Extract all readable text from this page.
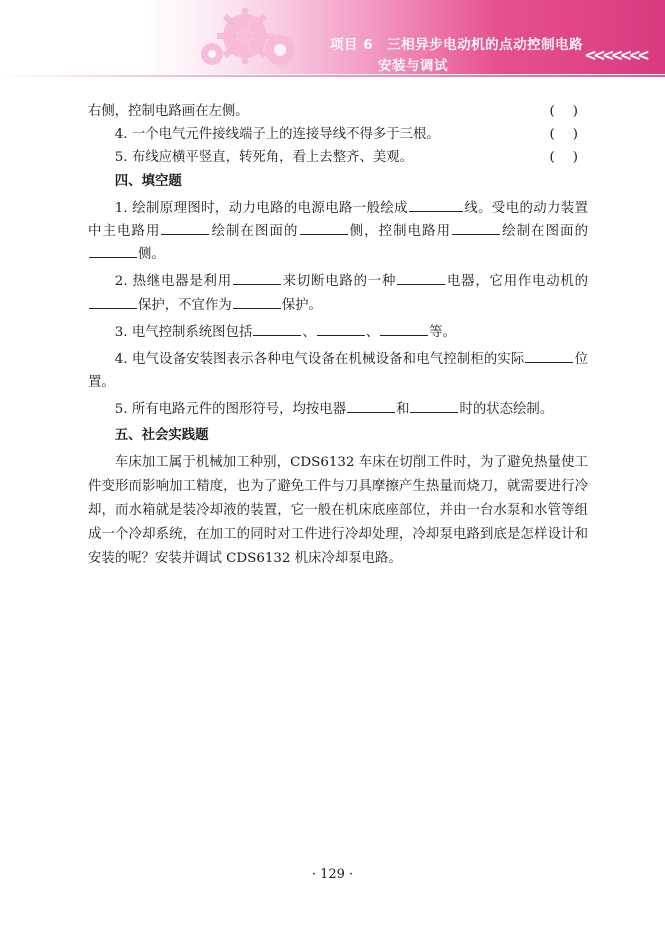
项目 6　三相异步电动机的点动控制电路
安装与调试	<<<<<<<
右侧，控制电路画在左侧。	( )
4. 一个电气元件接线端子上的连接导线不得多于三根。	( )
5. 布线应横平竖直，转死角，看上去整齐、美观。	( )
四、填空题
1. 绘制原理图时，动力电路的电源电路一般绘成	线。受电的动力装置中主电路用	绘制在图面的	侧，控制电路用	绘制在图面的侧。
2. 热继电器是利用	来切断电路的一种	电器，它用作电动机的保护，不宜作为	保护。
3. 电气控制系统图包括	、	、	等。
4. 电气设备安装图表示各种电气设备在机械设备和电气控制柜的实际	位置。
5. 所有电路元件的图形符号，均按电器	和	时的状态绘制。
五、社会实践题
车床加工属于机械加工种别，CDS6132 车床在切削工件时，为了避免热量使工件变形而影响加工精度，也为了避免工件与刀具摩擦产生热量而烧刀，就需要进行冷却，而水箱就是装冷却液的装置，它一般在机床底座部位，并由一台水泵和水管等组成一个冷却系统，在加工的同时对工件进行冷却处理，冷却泵电路到底是怎样设计和安装的呢？安装并调试 CDS6132 机床冷却泵电路。
· 129 ·
